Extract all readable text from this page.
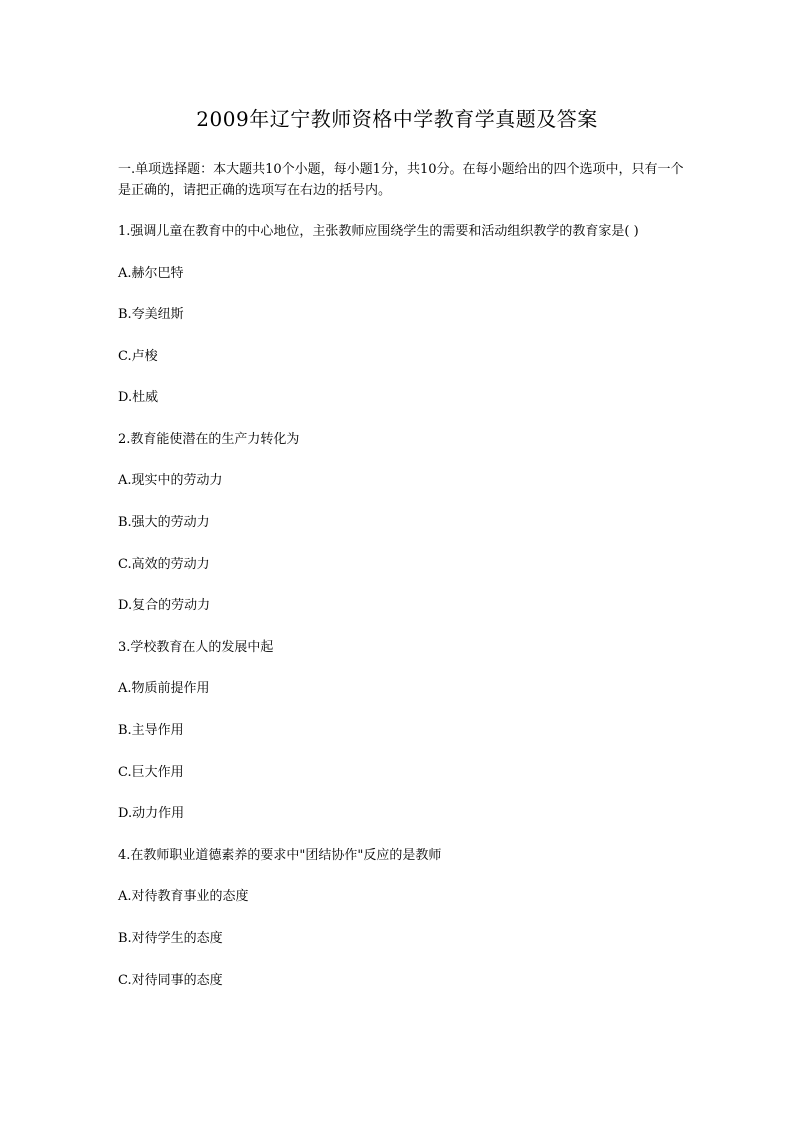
2009年辽宁教师资格中学教育学真题及答案

一.单项选择题：本大题共10个小题，每小题1分，共10分。在每小题给出的四个选项中，只有一个是正确的，请把正确的选项写在右边的括号内。

1.强调儿童在教育中的中心地位，主张教师应围绕学生的需要和活动组织教学的教育家是( )

A.赫尔巴特

B.夸美纽斯

C.卢梭

D.杜威

2.教育能使潜在的生产力转化为

A.现实中的劳动力

B.强大的劳动力

C.高效的劳动力

D.复合的劳动力

3.学校教育在人的发展中起

A.物质前提作用

B.主导作用

C.巨大作用

D.动力作用

4.在教师职业道德素养的要求中"团结协作"反应的是教师

A.对待教育事业的态度

B.对待学生的态度

C.对待同事的态度
